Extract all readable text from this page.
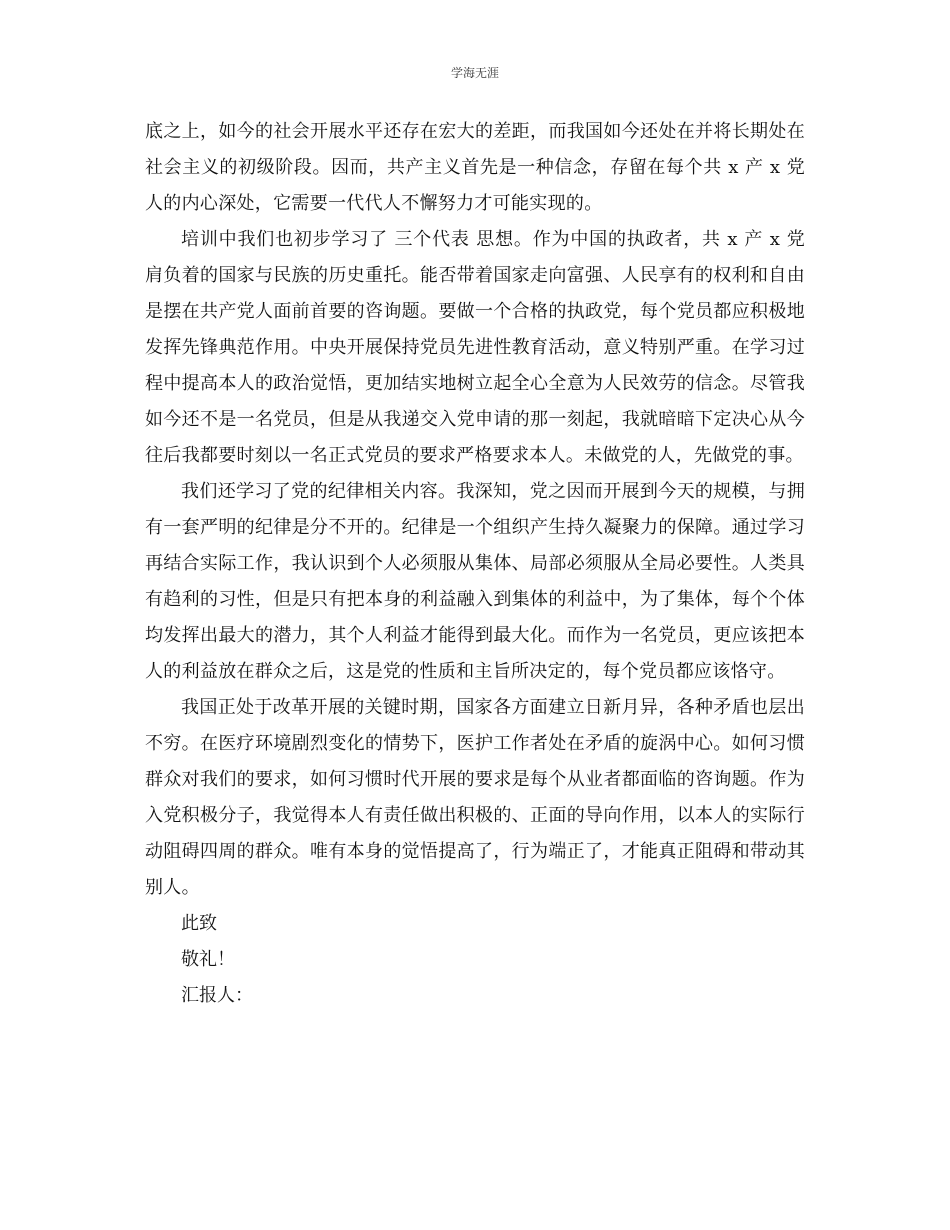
学海无涯

底之上，如今的社会开展水平还存在宏大的差距，而我国如今还处在并将长期处在社会主义的初级阶段。因而，共产主义首先是一种信念，存留在每个共 x 产 x 党人的内心深处，它需要一代代人不懈努力才可能实现的。

培训中我们也初步学习了 三个代表 思想。作为中国的执政者，共 x 产 x 党肩负着的国家与民族的历史重托。能否带着国家走向富强、人民享有的权利和自由是摆在共产党人面前首要的咨询题。要做一个合格的执政党，每个党员都应积极地发挥先锋典范作用。中央开展保持党员先进性教育活动，意义特别严重。在学习过程中提高本人的政治觉悟，更加结实地树立起全心全意为人民效劳的信念。尽管我如今还不是一名党员，但是从我递交入党申请的那一刻起，我就暗暗下定决心从今往后我都要时刻以一名正式党员的要求严格要求本人。未做党的人，先做党的事。

我们还学习了党的纪律相关内容。我深知，党之因而开展到今天的规模，与拥有一套严明的纪律是分不开的。纪律是一个组织产生持久凝聚力的保障。通过学习再结合实际工作，我认识到个人必须服从集体、局部必须服从全局必要性。人类具有趋利的习性，但是只有把本身的利益融入到集体的利益中，为了集体，每个个体均发挥出最大的潜力，其个人利益才能得到最大化。而作为一名党员，更应该把本人的利益放在群众之后，这是党的性质和主旨所决定的，每个党员都应该恪守。

我国正处于改革开展的关键时期，国家各方面建立日新月异，各种矛盾也层出不穷。在医疗环境剧烈变化的情势下，医护工作者处在矛盾的旋涡中心。如何习惯群众对我们的要求，如何习惯时代开展的要求是每个从业者都面临的咨询题。作为入党积极分子，我觉得本人有责任做出积极的、正面的导向作用，以本人的实际行动阻碍四周的群众。唯有本身的觉悟提高了，行为端正了，才能真正阻碍和带动其别人。

此致

敬礼！

汇报人：
